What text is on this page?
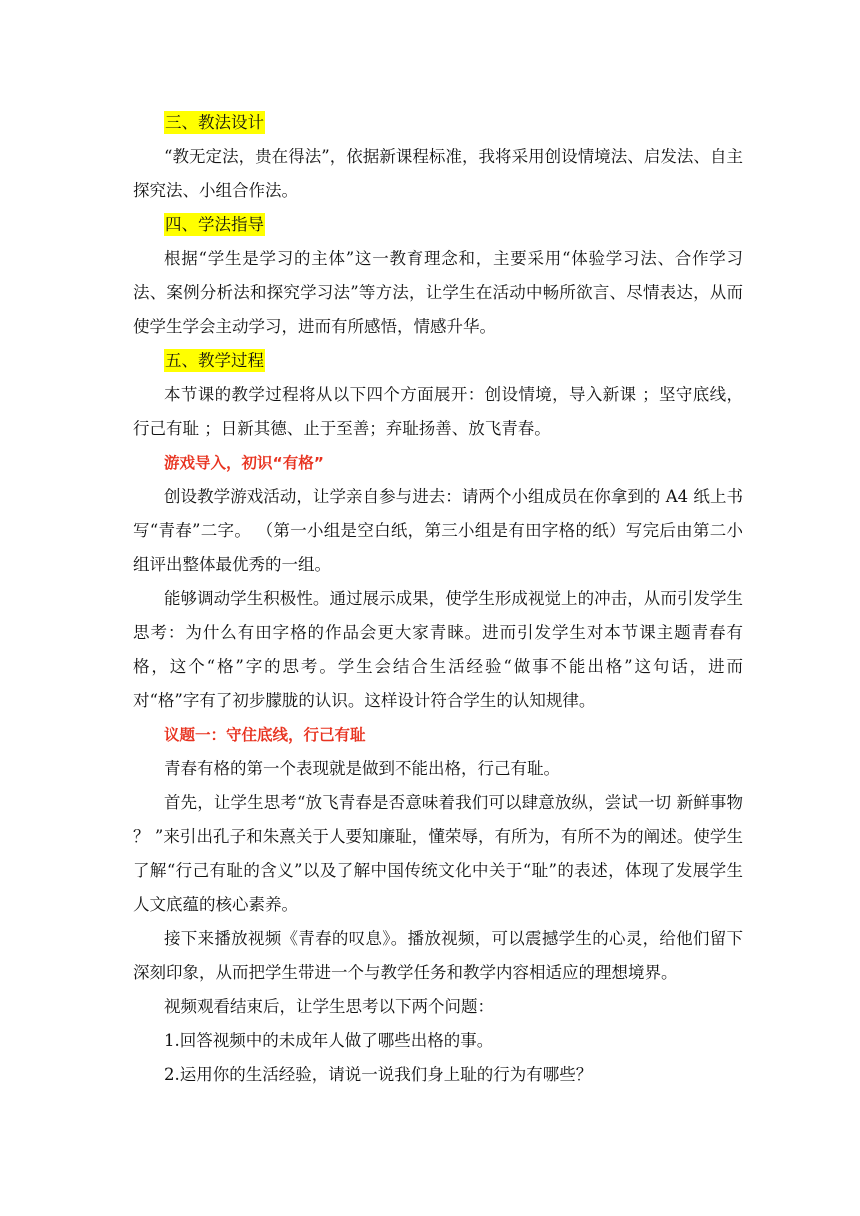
三、教法设计

“教无定法，贵在得法”，依据新课程标准，我将采用创设情境法、启发法、自主探究法、小组合作法。

四、学法指导

根据“学生是学习的主体”这一教育理念和，主要采用“体验学习法、合作学习法、案例分析法和探究学习法”等方法，让学生在活动中畅所欲言、尽情表达，从而使学生学会主动学习，进而有所感悟，情感升华。

五、教学过程

本节课的教学过程将从以下四个方面展开：创设情境，导入新课 ；坚守底线，行己有耻 ；日新其德、止于至善；弃耻扬善、放飞青春。

游戏导入，初识“有格”

创设教学游戏活动，让学亲自参与进去：请两个小组成员在你拿到的 A4 纸上书写“青春”二字。 （第一小组是空白纸，第三小组是有田字格的纸）写完后由第二小组评出整体最优秀的一组。

能够调动学生积极性。通过展示成果，使学生形成视觉上的冲击，从而引发学生思考：为什么有田字格的作品会更大家青睐。进而引发学生对本节课主题青春有格，这个“格”字的思考。学生会结合生活经验“做事不能出格”这句话，进而对“格”字有了初步朦胧的认识。这样设计符合学生的认知规律。

议题一：守住底线，行己有耻

青春有格的第一个表现就是做到不能出格，行己有耻。

首先，让学生思考“放飞青春是否意味着我们可以肆意放纵，尝试一切 新鲜事物 ？ ”来引出孔子和朱熹关于人要知廉耻，懂荣辱，有所为，有所不为的阐述。使学生了解“行己有耻的含义”以及了解中国传统文化中关于“耻”的表述，体现了发展学生人文底蕴的核心素养。

接下来播放视频《青春的叹息》。播放视频，可以震撼学生的心灵，给他们留下深刻印象，从而把学生带进一个与教学任务和教学内容相适应的理想境界。

视频观看结束后，让学生思考以下两个问题：

1.回答视频中的未成年人做了哪些出格的事。

2.运用你的生活经验，请说一说我们身上耻的行为有哪些？
